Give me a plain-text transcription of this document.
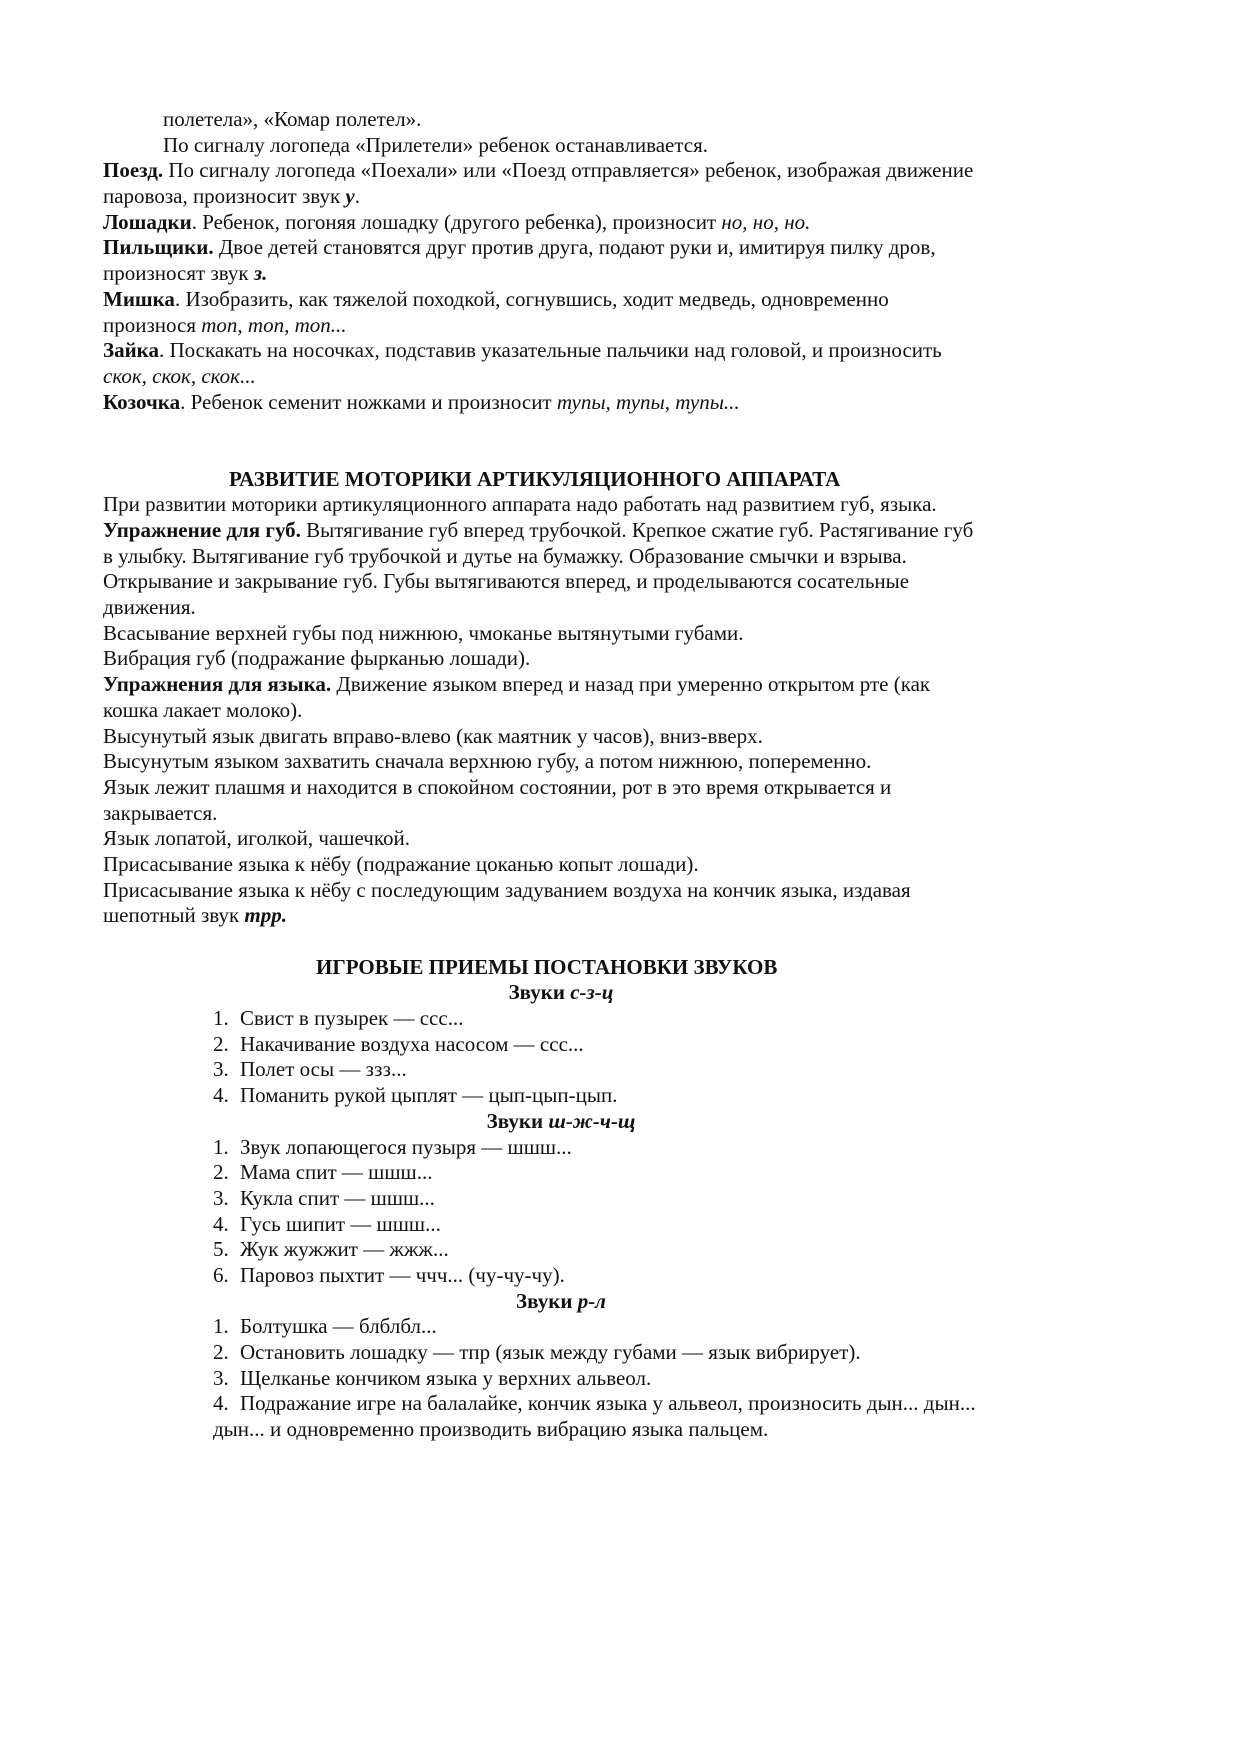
полетела», «Комар полетел».
По сигналу логопеда «Прилетели» ребенок останавливается.
Поезд. По сигналу логопеда «Поехали» или «Поезд отправляется» ребенок, изображая движение
паровоза, произносит звук у.
Лошадки. Ребенок, погоняя лошадку (другого ребенка), произносит но, но, но.
Пильщики. Двое детей становятся друг против друга, подают руки и, имитируя пилку дров,
произносят звук з.
Мишка. Изобразить, как тяжелой походкой, согнувшись, ходит медведь, одновременно
произнося топ, топ, топ...
Зайка. Поскакать на носочках, подставив указательные пальчики над головой, и произносить
скок, скок, скок...
Козочка. Ребенок семенит ножками и произносит тупы, тупы, тупы...
РАЗВИТИЕ МОТОРИКИ АРТИКУЛЯЦИОННОГО АППАРАТА
При развитии моторики артикуляционного аппарата надо работать над развитием губ, языка.
Упражнение для губ. Вытягивание губ вперед трубочкой. Крепкое сжатие губ. Растягивание губ
в улыбку. Вытягивание губ трубочкой и дутье на бумажку. Образование смычки и взрыва.
Открывание и закрывание губ. Губы вытягиваются вперед, и проделываются сосательные
движения.
Всасывание верхней губы под нижнюю, чмоканье вытянутыми губами.
Вибрация губ (подражание фырканью лошади).
Упражнения для языка. Движение языком вперед и назад при умеренно открытом рте (как
кошка лакает молоко).
Высунутый язык двигать вправо-влево (как маятник у часов), вниз-вверх.
Высунутым языком захватить сначала верхнюю губу, а потом нижнюю, попеременно.
Язык лежит плашмя и находится в спокойном состоянии, рот в это время открывается и
закрывается.
Язык лопатой, иголкой, чашечкой.
Присасывание языка к нёбу (подражание цоканью копыт лошади).
Присасывание языка к нёбу с последующим задуванием воздуха на кончик языка, издавая
шепотный звук трр.
ИГРОВЫЕ ПРИЕМЫ ПОСТАНОВКИ ЗВУКОВ
Звуки с-з-ц
1. Свист в пузырек — ссс...
2. Накачивание воздуха насосом — ссс...
3. Полет осы — ззз...
4. Поманить рукой цыплят — цып-цып-цып.
Звуки ш-ж-ч-щ
1. Звук лопающегося пузыря — шшш...
2. Мама спит — шшш...
3. Кукла спит — шшш...
4. Гусь шипит — шшш...
5. Жук жужжит — жжж...
6. Паровоз пыхтит — ччч... (чу-чу-чу).
Звуки р-л
1. Болтушка — блблбл...
2. Остановить лошадку — тпр (язык между губами — язык вибрирует).
3. Щелканье кончиком языка у верхних альвеол.
4. Подражание игре на балалайке, кончик языка у альвеол, произносить дын... дын...
дын... и одновременно производить вибрацию языка пальцем.
